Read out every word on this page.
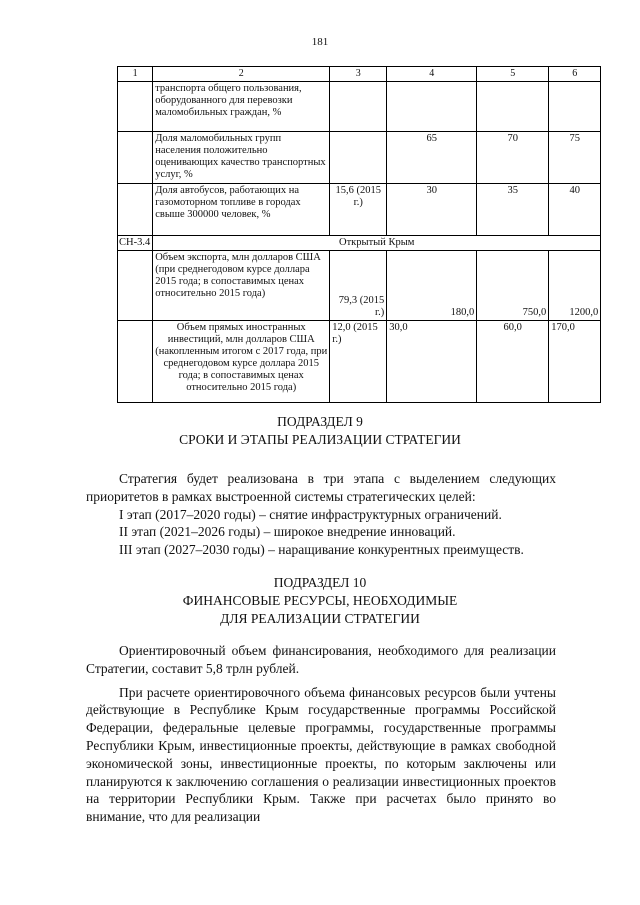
181
1	2	3	4	5	6
	транспорта общего пользования, оборудованного для перевозки маломобильных граждан, %				
	Доля маломобильных групп населения положительно оценивающих качество транспортных услуг, %		65	70	75
	Доля автобусов, работающих на газомоторном топливе в городах свыше 300000 человек, %	15,6 (2015 г.)	30	35	40
СН-3.4	Открытый Крым				
	Объем экспорта, млн долларов США (при среднегодовом курсе доллара 2015 года; в сопоставимых ценах относительно 2015 года)	79,3 (2015 г.)	180,0	750,0	1200,0
	Объем прямых иностранных инвестиций, млн долларов США (накопленным итогом с 2017 года, при среднегодовом курсе доллара 2015 года; в сопоставимых ценах относительно 2015 года)	12,0 (2015 г.)	30,0	60,0	170,0
ПОДРАЗДЕЛ 9
СРОКИ И ЭТАПЫ РЕАЛИЗАЦИИ СТРАТЕГИИ
Стратегия будет реализована в три этапа с выделением следующих приоритетов в рамках выстроенной системы стратегических целей:
I этап (2017–2020 годы) – снятие инфраструктурных ограничений.
II этап (2021–2026 годы) – широкое внедрение инноваций.
III этап (2027–2030 годы) – наращивание конкурентных преимуществ.
ПОДРАЗДЕЛ 10
ФИНАНСОВЫЕ РЕСУРСЫ, НЕОБХОДИМЫЕ
ДЛЯ РЕАЛИЗАЦИИ СТРАТЕГИИ
Ориентировочный объем финансирования, необходимого для реализации Стратегии, составит 5,8 трлн рублей.
При расчете ориентировочного объема финансовых ресурсов были учтены действующие в Республике Крым государственные программы Российской Федерации, федеральные целевые программы, государственные программы Республики Крым, инвестиционные проекты, действующие в рамках свободной экономической зоны, инвестиционные проекты, по которым заключены или планируются к заключению соглашения о реализации инвестиционных проектов на территории Республики Крым. Также при расчетах было принято во внимание, что для реализации
